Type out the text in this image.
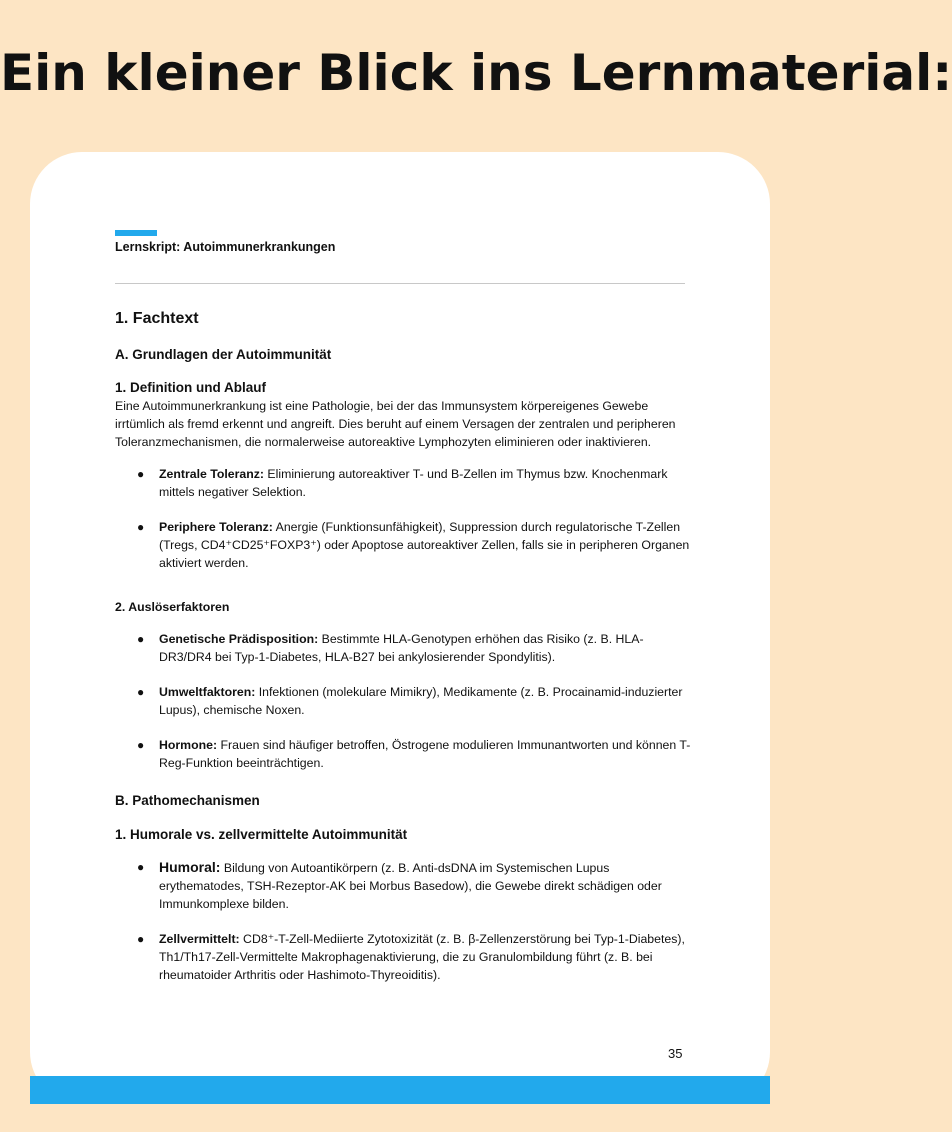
Ein kleiner Blick ins Lernmaterial:
Lernskript: Autoimmunerkrankungen
1. Fachtext
A. Grundlagen der Autoimmunität
1. Definition und Ablauf

Eine Autoimmunerkrankung ist eine Pathologie, bei der das Immunsystem körpereigenes Gewebe irrtümlich als fremd erkennt und angreift. Dies beruht auf einem Versagen der zentralen und peripheren Toleranzmechanismen, die normalerweise autoreaktive Lymphozyten eliminieren oder inaktivieren.

● Zentrale Toleranz: Eliminierung autoreaktiver T- und B-Zellen im Thymus bzw. Knochenmark mittels negativer Selektion.
● Periphere Toleranz: Anergie (Funktionsunfähigkeit), Suppression durch regulatorische T-Zellen (Tregs, CD4⁺CD25⁺FOXP3⁺) oder Apoptose autoreaktiver Zellen, falls sie in peripheren Organen aktiviert werden.
2. Auslöserfaktoren
● Genetische Prädisposition: Bestimmte HLA-Genotypen erhöhen das Risiko (z. B. HLA-DR3/DR4 bei Typ-1-Diabetes, HLA-B27 bei ankylosierender Spondylitis).
● Umweltfaktoren: Infektionen (molekulare Mimikry), Medikamente (z. B. Procainamid-induzierter Lupus), chemische Noxen.
● Hormone: Frauen sind häufiger betroffen, Östrogene modulieren Immunantworten und können T-Reg-Funktion beeinträchtigen.
B. Pathomechanismen
1. Humorale vs. zellvermittelte Autoimmunität
● Humoral: Bildung von Autoantikörpern (z. B. Anti-dsDNA im Systemischen Lupus erythematodes, TSH-Rezeptor-AK bei Morbus Basedow), die Gewebe direkt schädigen oder Immunkomplexe bilden.
● Zellvermittelt: CD8⁺-T-Zell-Mediierte Zytotoxizität (z. B. β-Zellenzerstörung bei Typ-1-Diabetes), Th1/Th17-Zell-Vermittelte Makrophagenaktivierung, die zu Granulombildung führt (z. B. bei rheumatoider Arthritis oder Hashimoto-Thyreoiditis).
35
